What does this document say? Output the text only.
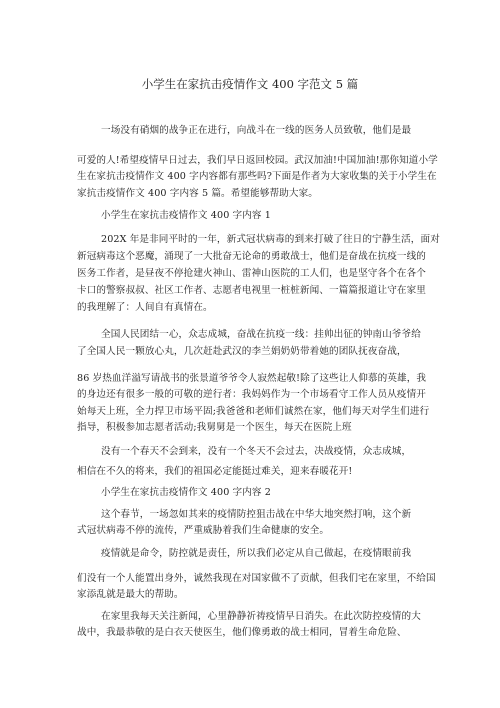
小学生在家抗击疫情作文 400 字范文 5 篇
一场没有硝烟的战争正在进行，向战斗在一线的医务人员致敬，他们是最
可爱的人!希望疫情早日过去，我们早日返回校园。武汉加油!中国加油!那你知道小学
生在家抗击疫情作文 400 字内容都有那些吗?下面是作者为大家收集的关于小学生在
家抗击疫情作文 400 字内容 5 篇。希望能够帮助大家。
小学生在家抗击疫情作文 400 字内容 1
202X 年是非同平时的一年，新式冠状病毒的到来打破了往日的宁静生活，面对
新冠病毒这个恶魔，涌现了一大批奋无论命的勇敢战士，他们是奋战在抗疫一线的
医务工作者，是昼夜不停抢建火神山、雷神山医院的工人们，也是坚守各个在各个
卡口的警察叔叔、社区工作者、志愿者电视里一桩桩新闻、一篇篇报道让守在家里
的我理解了：人间自有真情在。
全国人民团结一心，众志成城，奋战在抗疫一线：挂帅出征的钟南山爷爷给
了全国人民一颗放心丸，几次赶赴武汉的李兰娟奶奶带着她的团队抚夜奋战，
86 岁热血洋溢写请战书的张景道爷爷令人寂然起敬!除了这些让人仰慕的英雄，我
的身边还有很多一般的可敬的逆行者：我妈妈作为一个市场看守工作人员从疫情开
始每天上班，全力捍卫市场平固;我爸爸和老师们诚然在家，他们每天对学生们进行
指导，积极参加志愿者活动;我舅舅是一个医生，每天在医院上班
没有一个春天不会到来，没有一个冬天不会过去，决战疫情，众志成城，
相信在不久的将来，我们的祖国必定能挺过难关，迎来春暖花开!
小学生在家抗击疫情作文 400 字内容 2
这个春节，一场忽如其来的疫情防控狙击战在中华大地突然打响，这个新
式冠状病毒不停的流传，严重威胁着我们生命健康的安全。
疫情就是命令，防控就是责任，所以我们必定从自己做起，在疫情眼前我
们没有一个人能置出身外，诚然我现在对国家做不了贡献，但我们宅在家里，不给国
家添乱就是最大的帮助。
在家里我每天关注新闻，心里静静祈祷疫情早日消失。在此次防控疫情的大
战中，我最恭敬的是白衣天使医生，他们像勇敢的战士相同，冒着生命危险、
